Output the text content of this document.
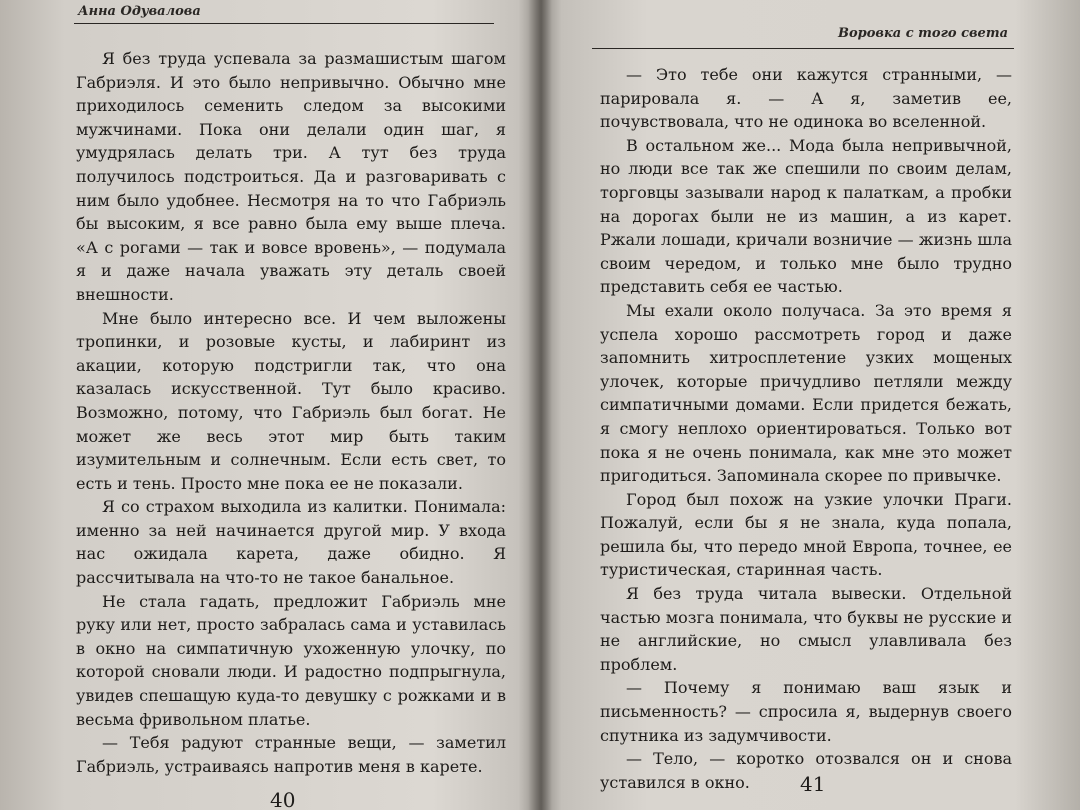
Анна Одувалова

Я без труда успевала за размашистым шагом Габриэля. И это было непривычно. Обычно мне приходилось семенить следом за высокими мужчинами. Пока они делали один шаг, я умудрялась делать три. А тут без труда получилось подстроиться. Да и разговаривать с ним было удобнее. Несмотря на то что Габриэль бы высоким, я все равно была ему выше плеча. «А с рогами — так и вовсе вровень», — подумала я и даже начала уважать эту деталь своей внешности.

Мне было интересно все. И чем выложены тропинки, и розовые кусты, и лабиринт из акации, которую подстригли так, что она казалась искусственной. Тут было красиво. Возможно, потому, что Габриэль был богат. Не может же весь этот мир быть таким изумительным и солнечным. Если есть свет, то есть и тень. Просто мне пока ее не показали.

Я со страхом выходила из калитки. Понимала: именно за ней начинается другой мир. У входа нас ожидала карета, даже обидно. Я рассчитывала на что-то не такое банальное.

Не стала гадать, предложит Габриэль мне руку или нет, просто забралась сама и уставилась в окно на симпатичную ухоженную улочку, по которой сновали люди. И радостно подпрыгнула, увидев спешащую куда-то девушку с рожками и в весьма фривольном платье.

— Тебя радуют странные вещи, — заметил Габриэль, устраиваясь напротив меня в карете.

40
Воровка с того света

— Это тебе они кажутся странными, — парировала я. — А я, заметив ее, почувствовала, что не одинока во вселенной.

В остальном же... Мода была непривычной, но люди все так же спешили по своим делам, торговцы зазывали народ к палаткам, а пробки на дорогах были не из машин, а из карет. Ржали лошади, кричали возничие — жизнь шла своим чередом, и только мне было трудно представить себя ее частью.

Мы ехали около получаса. За это время я успела хорошо рассмотреть город и даже запомнить хитросплетение узких мощеных улочек, которые причудливо петляли между симпатичными домами. Если придется бежать, я смогу неплохо ориентироваться. Только вот пока я не очень понимала, как мне это может пригодиться. Запоминала скорее по привычке.

Город был похож на узкие улочки Праги. Пожалуй, если бы я не знала, куда попала, решила бы, что передо мной Европа, точнее, ее туристическая, старинная часть.

Я без труда читала вывески. Отдельной частью мозга понимала, что буквы не русские и не английские, но смысл улавливала без проблем.

— Почему я понимаю ваш язык и письменность? — спросила я, выдернув своего спутника из задумчивости.

— Тело, — коротко отозвался он и снова уставился в окно.	41
